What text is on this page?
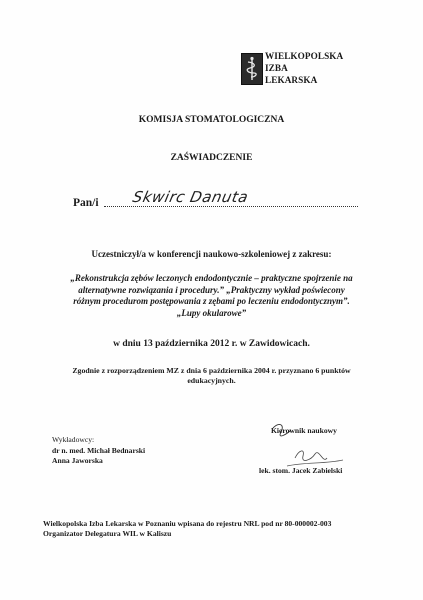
WIELKOPOLSKA
IZBA
LEKARSKA
KOMISJA STOMATOLOGICZNA
ZAŚWIADCZENIE
Pan/i Skwirc Danuta
Uczestniczył/a w konferencji naukowo-szkoleniowej z zakresu:
„Rekonstrukcja zębów leczonych endodontycznie – praktyczne spojrzenie na
alternatywne rozwiązania i procedury.” „Praktyczny wykład poświecony
różnym procedurom postępowania z zębami po leczeniu endodontycznym”.
„Lupy okularowe”
w dniu 13 października 2012 r. w Zawidowicach.
Zgodnie z rozporządzeniem MZ z dnia 6 października 2004 r. przyznano 6 punktów
edukacyjnych.
Wykładowcy:
dr n. med. Michał Bednarski
Anna Jaworska
Kierownik naukowy
lek. stom. Jacek Zabielski
Wielkopolska Izba Lekarska w Poznaniu wpisana do rejestru NRL pod nr 80-000002-003
Organizator Delegatura WIL w Kaliszu
